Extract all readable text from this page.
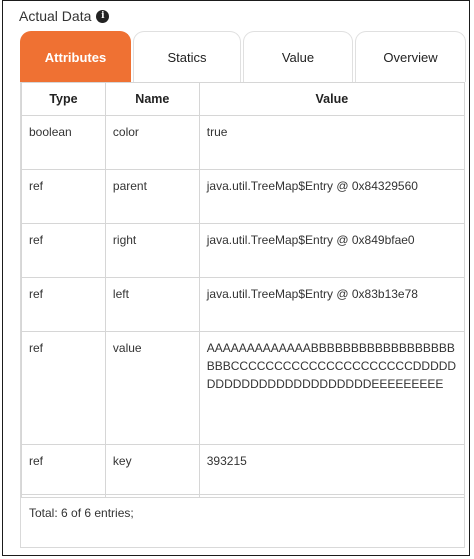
Actual Data	i
Attributes	Statics	Value	Overview
Type	Name	Value
boolean	color	true
ref	parent	java.util.TreeMap$Entry @ 0x84329560
ref	right	java.util.TreeMap$Entry @ 0x849bfae0
ref	left	java.util.TreeMap$Entry @ 0x83b13e78
ref	value	AAAAAAAAAAAAABBBBBBBBBBBBBBBBBBBBBCCCCCCCCCCCCCCCCCCCCCDDDDDDDDDDDDDDDDDDDDDDDDEEEEEEEEE
ref	key	393215
Total: 6 of 6 entries;
